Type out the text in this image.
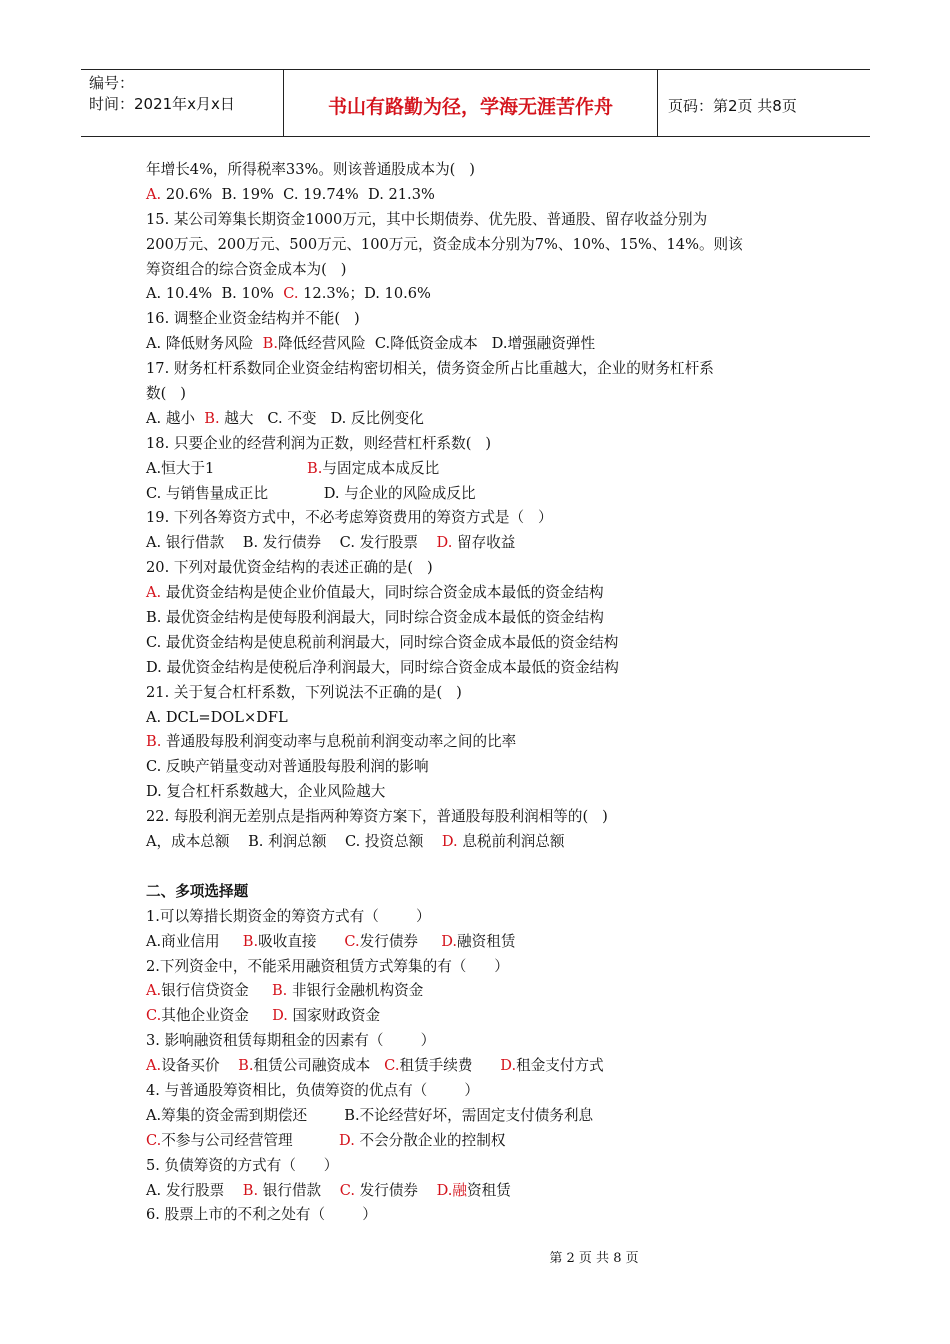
编号：
时间：2021年x月x日	书山有路勤为径，学海无涯苦作舟	页码：第2页 共8页
年增长4%，所得税率33%。则该普通股成本为(   )
A. 20.6%  B. 19%  C. 19.74%  D. 21.3%
15. 某公司筹集长期资金1000万元，其中长期债券、优先股、普通股、留存收益分别为
200万元、200万元、500万元、100万元，资金成本分别为7%、10%、15%、14%。则该
筹资组合的综合资金成本为(   )
A. 10.4%  B. 10%  C. 12.3%；D. 10.6%
16. 调整企业资金结构并不能(   )
A. 降低财务风险  B.降低经营风险  C.降低资金成本   D.增强融资弹性
17. 财务杠杆系数同企业资金结构密切相关，债务资金所占比重越大，企业的财务杠杆系
数(   )
A. 越小  B. 越大   C. 不变   D. 反比例变化
18. 只要企业的经营利润为正数，则经营杠杆系数(   )
A.恒大于1                    B.与固定成本成反比
C. 与销售量成正比            D. 与企业的风险成反比
19. 下列各筹资方式中，不必考虑筹资费用的筹资方式是（   ）
A. 银行借款    B. 发行债券    C. 发行股票    D. 留存收益
20. 下列对最优资金结构的表述正确的是(   )
A. 最优资金结构是使企业价值最大，同时综合资金成本最低的资金结构
B. 最优资金结构是使每股利润最大，同时综合资金成本最低的资金结构
C. 最优资金结构是使息税前利润最大，同时综合资金成本最低的资金结构
D. 最优资金结构是使税后净利润最大，同时综合资金成本最低的资金结构
21. 关于复合杠杆系数，下列说法不正确的是(   )
A. DCL=DOL×DFL
B. 普通股每股利润变动率与息税前利润变动率之间的比率
C. 反映产销量变动对普通股每股利润的影响
D. 复合杠杆系数越大，企业风险越大
22. 每股利润无差别点是指两种筹资方案下，普通股每股利润相等的(   )
A，成本总额    B. 利润总额    C. 投资总额    D. 息税前利润总额
二、多项选择题
1.可以筹措长期资金的筹资方式有（        ）
A.商业信用     B.吸收直接      C.发行债券     D.融资租赁
2.下列资金中，不能采用融资租赁方式筹集的有（      ）
A.银行信贷资金     B. 非银行金融机构资金
C.其他企业资金     D. 国家财政资金
3. 影响融资租赁每期租金的因素有（        ）
A.设备买价    B.租赁公司融资成本   C.租赁手续费      D.租金支付方式
4. 与普通股筹资相比，负债筹资的优点有（        ）
A.筹集的资金需到期偿还        B.不论经营好坏，需固定支付债务利息
C.不参与公司经营管理          D. 不会分散企业的控制权
5. 负债筹资的方式有（      ）
A. 发行股票    B. 银行借款    C. 发行债券    D.融资租赁
6. 股票上市的不利之处有（        ）
第 2 页 共 8 页
